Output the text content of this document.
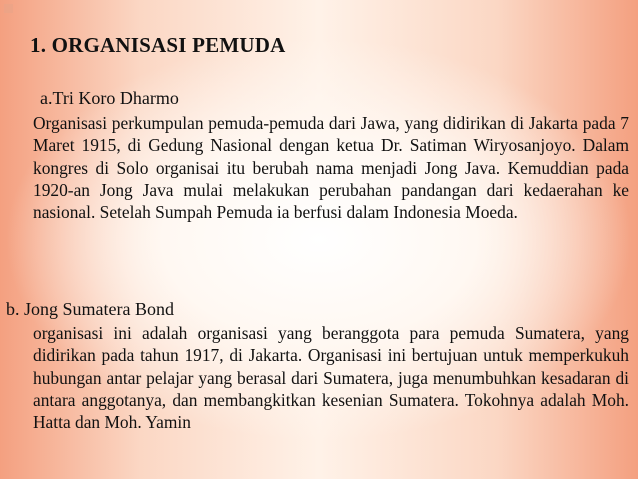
1. ORGANISASI PEMUDA
a.Tri Koro Dharmo
Organisasi perkumpulan pemuda-pemuda dari Jawa, yang didirikan di Jakarta pada 7 Maret 1915, di Gedung Nasional dengan ketua Dr. Satiman Wiryosanjoyo. Dalam kongres di Solo organisai itu berubah nama menjadi Jong Java. Kemuddian pada 1920-an Jong Java mulai melakukan perubahan pandangan dari kedaerahan ke nasional. Setelah Sumpah Pemuda ia berfusi dalam Indonesia Moeda.
b. Jong Sumatera Bond
organisasi ini adalah organisasi yang beranggota para pemuda Sumatera, yang didirikan pada tahun 1917, di Jakarta. Organisasi ini bertujuan untuk memperkukuh hubungan antar pelajar yang berasal dari Sumatera, juga menumbuhkan kesadaran di antara anggotanya, dan membangkitkan kesenian Sumatera. Tokohnya adalah Moh. Hatta dan Moh. Yamin
